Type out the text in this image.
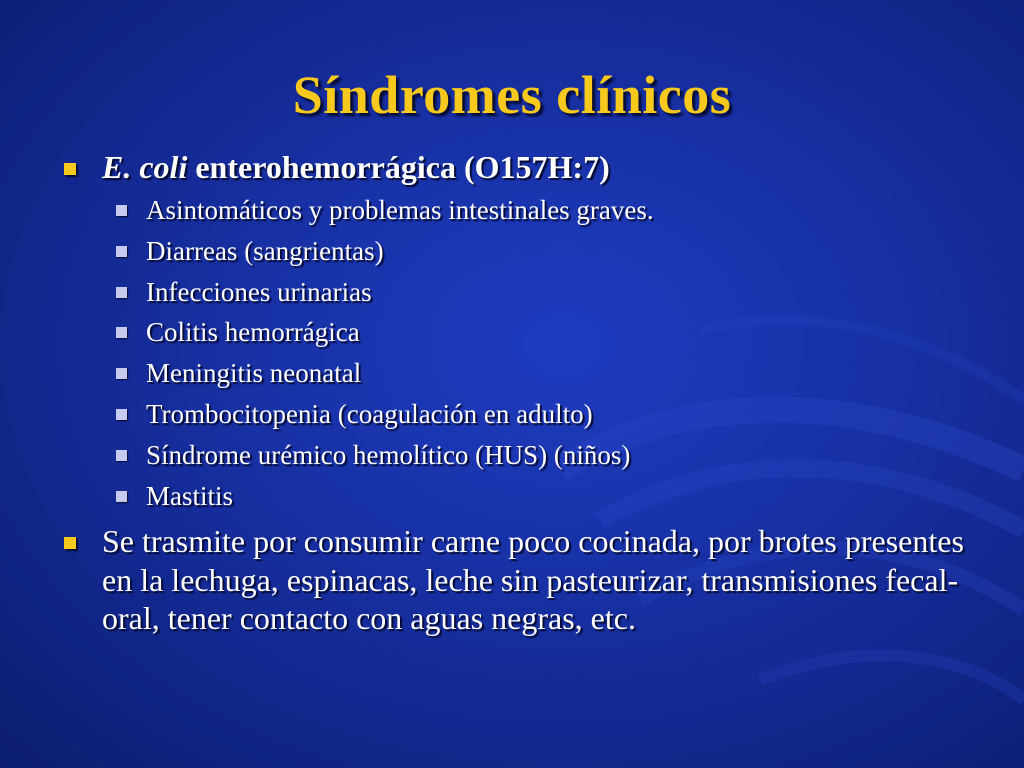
Síndromes clínicos
E. coli enterohemorrágica (O157H:7)
Asintomáticos y problemas intestinales graves.
Diarreas (sangrientas)
Infecciones urinarias
Colitis hemorrágica
Meningitis neonatal
Trombocitopenia (coagulación en adulto)
Síndrome urémico hemolítico (HUS) (niños)
Mastitis
Se trasmite por consumir carne poco cocinada, por brotes presentes en la lechuga, espinacas, leche sin pasteurizar, transmisiones fecal-oral, tener contacto con aguas negras, etc.
